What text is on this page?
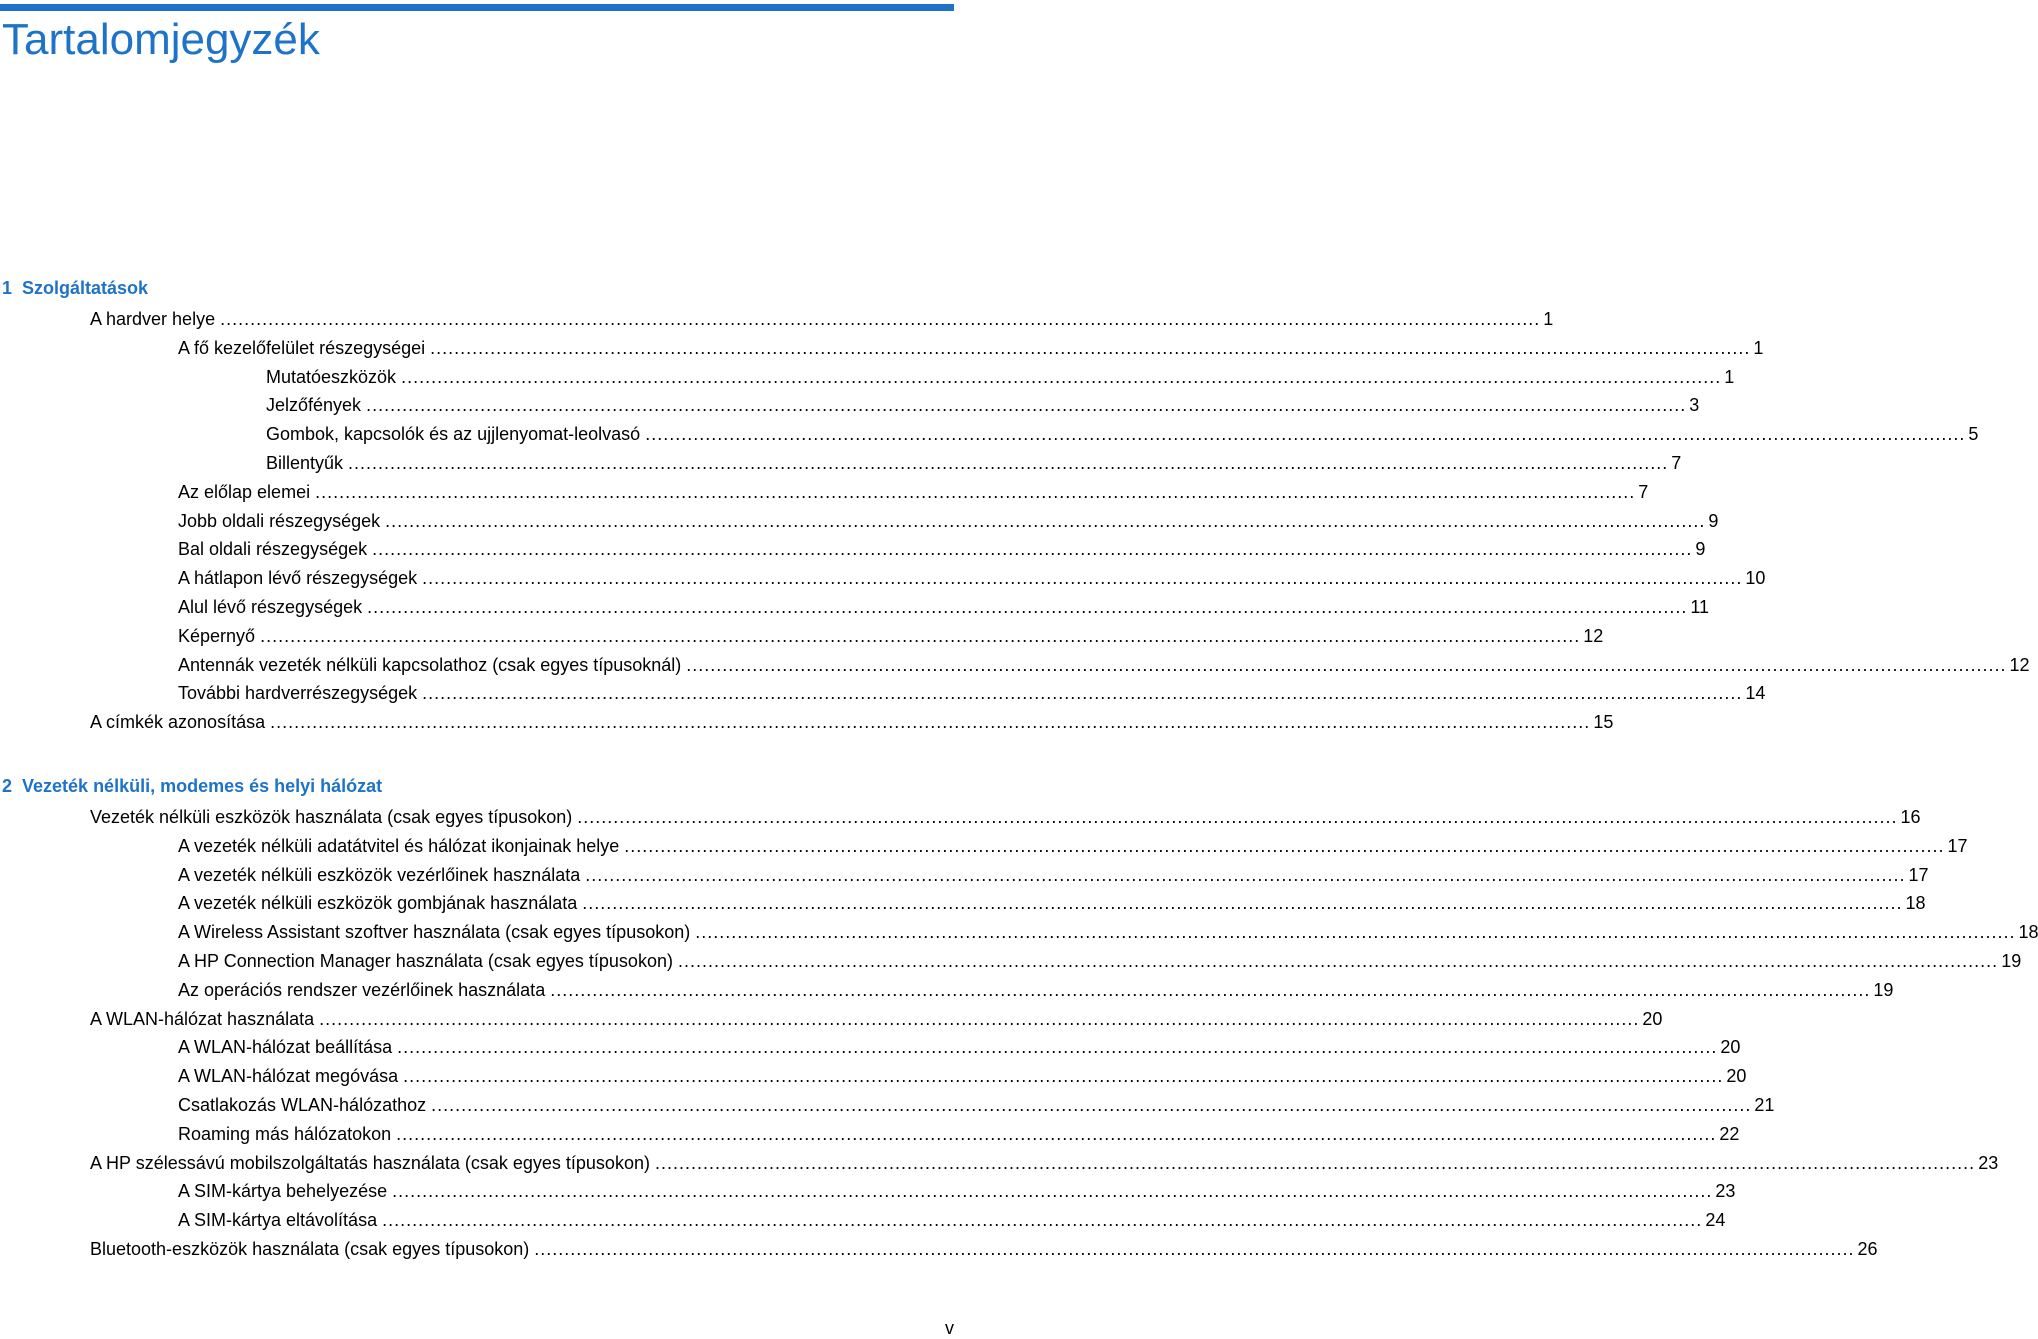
Tartalomjegyzék
1 Szolgáltatások
A hardver helye ............................................................................................................................................................................................................................ 1
A fő kezelőfelület részegységei ............................................................................................................................................................................................................................ 1
Mutatóeszközök ............................................................................................................................................................................................................................ 1
Jelzőfények ............................................................................................................................................................................................................................ 3
Gombok, kapcsolók és az ujjlenyomat-leolvasó ............................................................................................................................................................................................................................ 5
Billentyűk ............................................................................................................................................................................................................................ 7
Az előlap elemei ............................................................................................................................................................................................................................ 7
Jobb oldali részegységek ............................................................................................................................................................................................................................ 9
Bal oldali részegységek ............................................................................................................................................................................................................................ 9
A hátlapon lévő részegységek ............................................................................................................................................................................................................................ 10
Alul lévő részegységek ............................................................................................................................................................................................................................ 11
Képernyő ............................................................................................................................................................................................................................ 12
Antennák vezeték nélküli kapcsolathoz (csak egyes típusoknál) ............................................................................................................................................................................................................................ 12
További hardverrészegységek ............................................................................................................................................................................................................................ 14
A címkék azonosítása ............................................................................................................................................................................................................................ 15
2 Vezeték nélküli, modemes és helyi hálózat
Vezeték nélküli eszközök használata (csak egyes típusokon) ............................................................................................................................................................................................................................ 16
A vezeték nélküli adatátvitel és hálózat ikonjainak helye ............................................................................................................................................................................................................................ 17
A vezeték nélküli eszközök vezérlőinek használata ............................................................................................................................................................................................................................ 17
A vezeték nélküli eszközök gombjának használata ............................................................................................................................................................................................................................ 18
A Wireless Assistant szoftver használata (csak egyes típusokon) ............................................................................................................................................................................................................................ 18
A HP Connection Manager használata (csak egyes típusokon) ............................................................................................................................................................................................................................ 19
Az operációs rendszer vezérlőinek használata ............................................................................................................................................................................................................................ 19
A WLAN-hálózat használata ............................................................................................................................................................................................................................ 20
A WLAN-hálózat beállítása ............................................................................................................................................................................................................................ 20
A WLAN-hálózat megóvása ............................................................................................................................................................................................................................ 20
Csatlakozás WLAN-hálózathoz ............................................................................................................................................................................................................................ 21
Roaming más hálózatokon ............................................................................................................................................................................................................................ 22
A HP szélessávú mobilszolgáltatás használata (csak egyes típusokon) ............................................................................................................................................................................................................................ 23
A SIM-kártya behelyezése ............................................................................................................................................................................................................................ 23
A SIM-kártya eltávolítása ............................................................................................................................................................................................................................ 24
Bluetooth-eszközök használata (csak egyes típusokon) ............................................................................................................................................................................................................................ 26
v
